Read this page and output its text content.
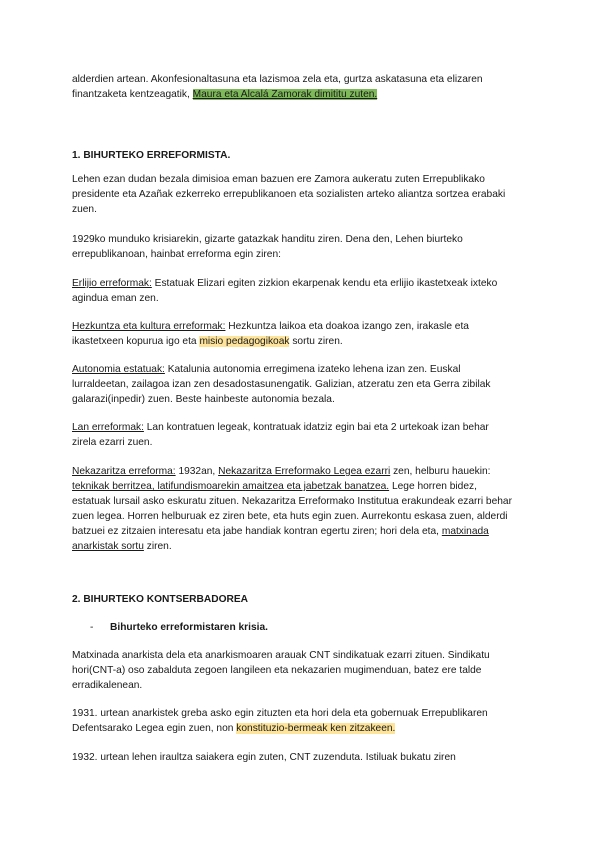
alderdien artean. Akonfesionaltasuna eta lazismoa zela eta, gurtza askatasuna eta elizaren finantzaketa kentzeagatik, Maura eta Alcalá Zamorak dimititu zuten.

1. BIHURTEKO ERREFORMISTA.

Lehen ezan dudan bezala dimisioa eman bazuen ere Zamora aukeratu zuten Errepublikako presidente eta Azañak ezkerreko errepublikanoen eta sozialisten arteko aliantza sortzea erabaki zuen.

1929ko munduko krisiarekin, gizarte gatazkak handitu ziren. Dena den, Lehen biurteko errepublikanoan, hainbat erreforma egin ziren:

Erlijio erreformak: Estatuak Elizari egiten zizkion ekarpenak kendu eta erlijio ikastetxeak ixteko agindua eman zen.

Hezkuntza eta kultura erreformak: Hezkuntza laikoa eta doakoa izango zen, irakasle eta ikastetxeen kopurua igo eta misio pedagogikoak sortu ziren.

Autonomia estatuak: Katalunia autonomia erregimena izateko lehena izan zen. Euskal lurraldeetan, zailagoa izan zen desadostasunengatik. Galizian, atzeratu zen eta Gerra zibilak galarazi(inpedir) zuen. Beste hainbeste autonomia bezala.

Lan erreformak: Lan kontratuen legeak, kontratuak idatziz egin bai eta 2 urtekoak izan behar zirela ezarri zuen.

Nekazaritza erreforma: 1932an, Nekazaritza Erreformako Legea ezarri zen, helburu hauekin: teknikak berritzea, latifundismoarekin amaitzea eta jabetzak banatzea. Lege horren bidez, estatuak lursail asko eskuratu zituen. Nekazaritza Erreformako Institutua erakundeak ezarri behar zuen legea. Horren helburuak ez ziren bete, eta huts egin zuen. Aurrekontu eskasa zuen, alderdi batzuei ez zitzaien interesatu eta jabe handiak kontran egertu ziren; hori dela eta, matxinada anarkistak sortu ziren.

2. BIHURTEKO KONTSERBADOREA

- Bihurteko erreformistaren krisia.

Matxinada anarkista dela eta anarkismoaren arauak CNT sindikatuak ezarri zituen. Sindikatu hori(CNT-a) oso zabalduta zegoen langileen eta nekazarien mugimenduan, batez ere talde erradikalenean.

1931. urtean anarkistek greba asko egin zituzten eta hori dela eta gobernuak Errepublikaren Defentsarako Legea egin zuen, non konstituzio-bermeak ken zitzakeen.

1932. urtean lehen iraultza saiakera egin zuten, CNT zuzenduta. Istiluak bukatu ziren
